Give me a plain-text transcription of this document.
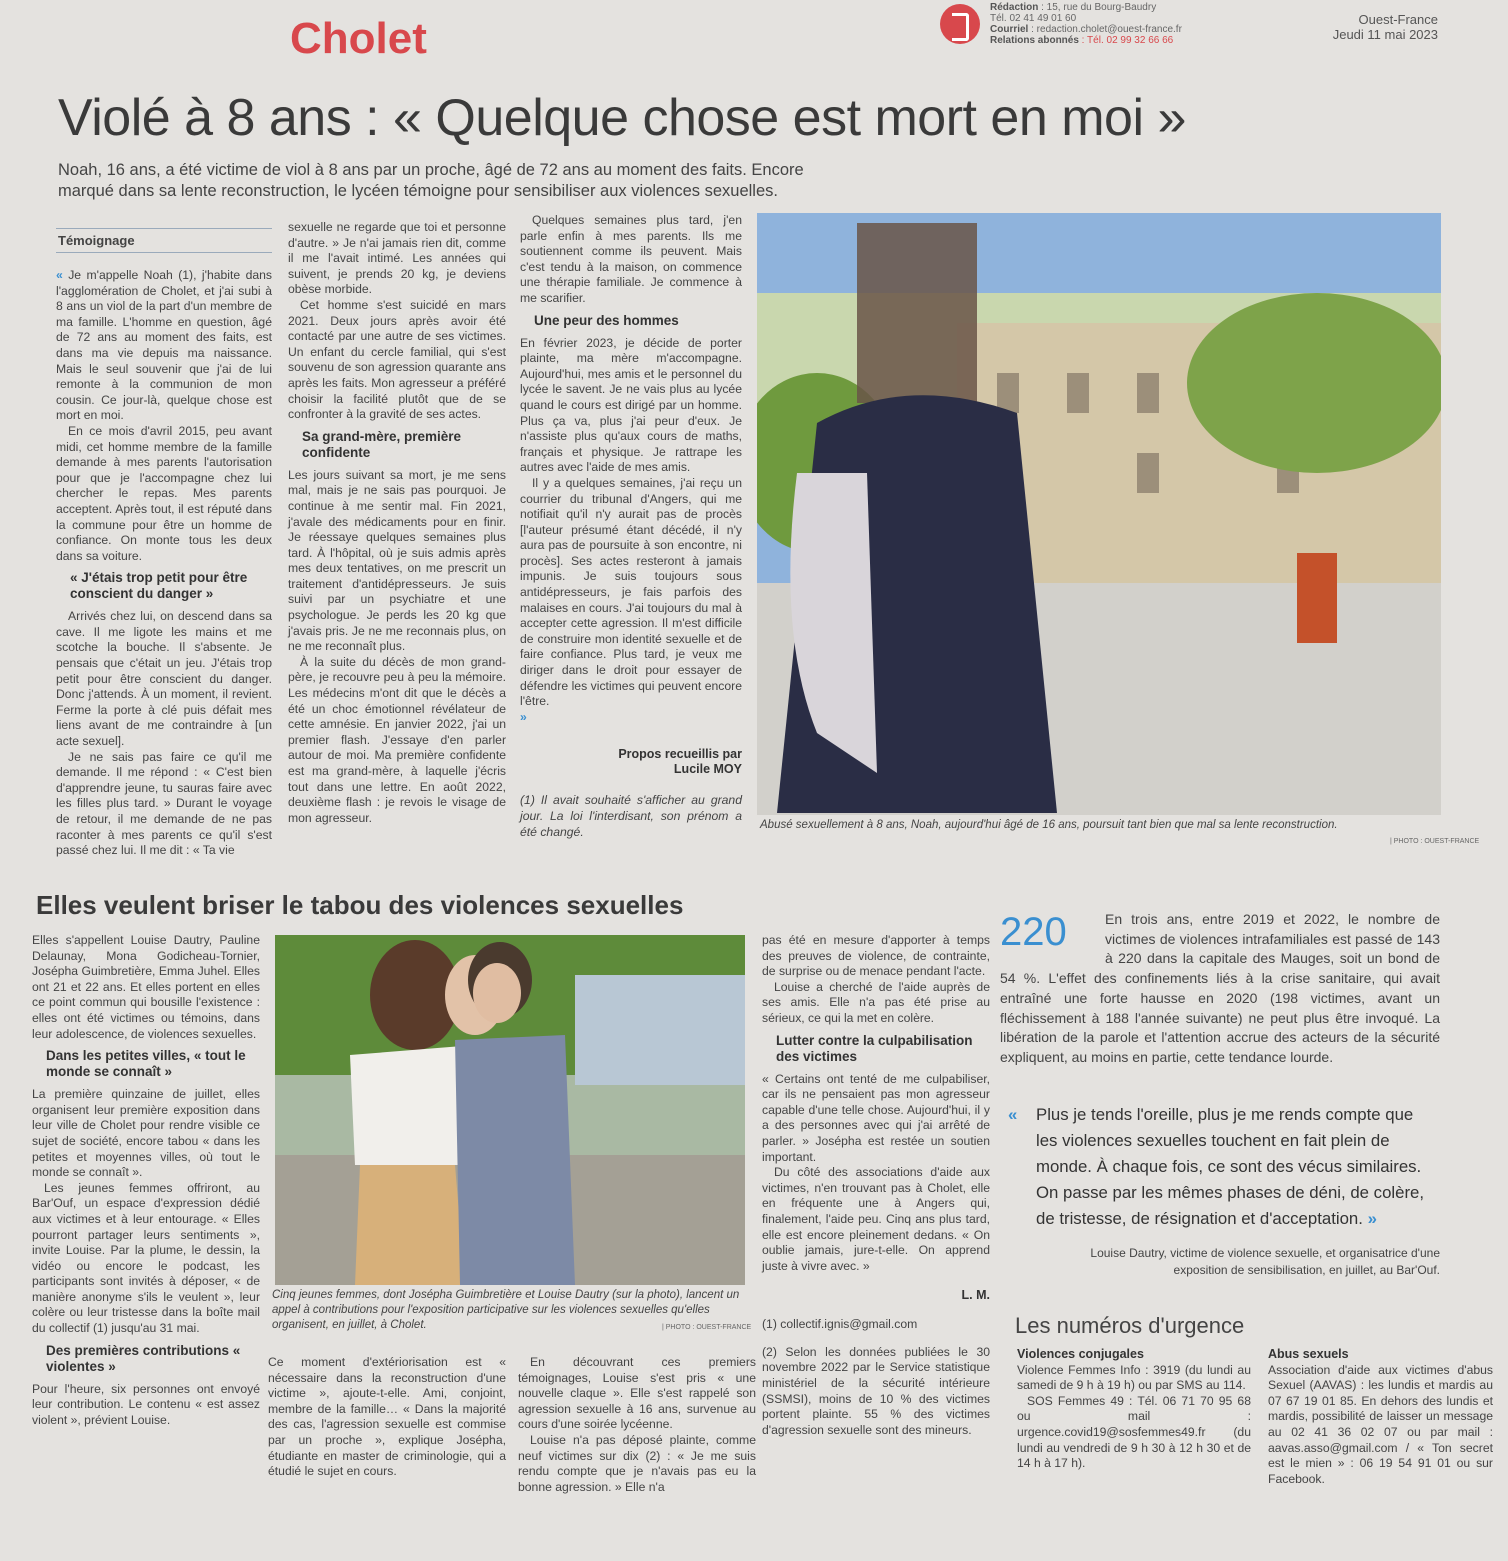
Cholet
Rédaction : 15, rue du Bourg-Baudry
Tél. 02 41 49 01 60
Courriel : redaction.cholet@ouest-france.fr
Relations abonnés : Tél. 02 99 32 66 66
Ouest-France
Jeudi 11 mai 2023
Violé à 8 ans : « Quelque chose est mort en moi »
Noah, 16 ans, a été victime de viol à 8 ans par un proche, âgé de 72 ans au moment des faits. Encore marqué dans sa lente reconstruction, le lycéen témoigne pour sensibiliser aux violences sexuelles.
Témoignage
« Je m'appelle Noah (1), j'habite dans l'agglomération de Cholet, et j'ai subi à 8 ans un viol de la part d'un membre de ma famille. L'homme en question, âgé de 72 ans au moment des faits, est dans ma vie depuis ma naissance. Mais le seul souvenir que j'ai de lui remonte à la communion de mon cousin. Ce jour-là, quelque chose est mort en moi.

En ce mois d'avril 2015, peu avant midi, cet homme membre de la famille demande à mes parents l'autorisation pour que je l'accompagne chez lui chercher le repas. Mes parents acceptent. Après tout, il est réputé dans la commune pour être un homme de confiance. On monte tous les deux dans sa voiture.

« J'étais trop petit pour être conscient du danger »

Arrivés chez lui, on descend dans sa cave. Il me ligote les mains et me scotche la bouche. Il s'absente. Je pensais que c'était un jeu. J'étais trop petit pour être conscient du danger. Donc j'attends. À un moment, il revient. Ferme la porte à clé puis défait mes liens avant de me contraindre à [un acte sexuel].

Je ne sais pas faire ce qu'il me demande. Il me répond : « C'est bien d'apprendre jeune, tu sauras faire avec les filles plus tard. » Durant le voyage de retour, il me demande de ne pas raconter à mes parents ce qu'il s'est passé chez lui. Il me dit : « Ta vie

sexuelle ne regarde que toi et personne d'autre. » Je n'ai jamais rien dit, comme il me l'avait intimé. Les années qui suivent, je prends 20 kg, je deviens obèse morbide.

Cet homme s'est suicidé en mars 2021. Deux jours après avoir été contacté par une autre de ses victimes. Un enfant du cercle familial, qui s'est souvenu de son agression quarante ans après les faits. Mon agresseur a préféré choisir la facilité plutôt que de se confronter à la gravité de ses actes.

Sa grand-mère, première confidente

Les jours suivant sa mort, je me sens mal, mais je ne sais pas pourquoi. Je continue à me sentir mal. Fin 2021, j'avale des médicaments pour en finir. Je réessaye quelques semaines plus tard. À l'hôpital, où je suis admis après mes deux tentatives, on me prescrit un traitement d'antidépresseurs. Je suis suivi par un psychiatre et une psychologue. Je perds les 20 kg que j'avais pris. Je ne me reconnais plus, on ne me reconnaît plus.

À la suite du décès de mon grand-père, je recouvre peu à peu la mémoire. Les médecins m'ont dit que le décès a été un choc émotionnel révélateur de cette amnésie. En janvier 2022, j'ai un premier flash. J'essaye d'en parler autour de moi. Ma première confidente est ma grand-mère, à laquelle j'écris tout dans une lettre. En août 2022, deuxième flash : je revois le visage de mon agresseur.

Quelques semaines plus tard, j'en parle enfin à mes parents. Ils me soutiennent comme ils peuvent. Mais c'est tendu à la maison, on commence une thérapie familiale. Je commence à me scarifier.

Une peur des hommes

En février 2023, je décide de porter plainte, ma mère m'accompagne. Aujourd'hui, mes amis et le personnel du lycée le savent. Je ne vais plus au lycée quand le cours est dirigé par un homme. Plus ça va, plus j'ai peur d'eux. Je n'assiste plus qu'aux cours de maths, français et physique. Je rattrape les autres avec l'aide de mes amis.

Il y a quelques semaines, j'ai reçu un courrier du tribunal d'Angers, qui me notifiait qu'il n'y aurait pas de procès [l'auteur présumé étant décédé, il n'y aura pas de poursuite à son encontre, ni procès]. Ses actes resteront à jamais impunis. Je suis toujours sous antidépresseurs, je fais parfois des malaises en cours. J'ai toujours du mal à accepter cette agression. Il m'est difficile de construire mon identité sexuelle et de faire confiance. Plus tard, je veux me diriger dans le droit pour essayer de défendre les victimes qui peuvent encore l'être.

»
Propos recueillis par
Lucile MOY
(1) Il avait souhaité s'afficher au grand jour. La loi l'interdisant, son prénom a été changé.	Abusé sexuellement à 8 ans, Noah, aujourd'hui âgé de 16 ans, poursuit tant bien que mal sa lente reconstruction.
| PHOTO : OUEST-FRANCE
Elles veulent briser le tabou des violences sexuelles

Elles s'appellent Louise Dautry, Pauline Delaunay, Mona Godicheau-Tornier, Josépha Guimbretière, Emma Juhel. Elles ont 21 et 22 ans. Et elles portent en elles ce point commun qui bousille l'existence : elles ont été victimes ou témoins, dans leur adolescence, de violences sexuelles.

Dans les petites villes, « tout le monde se connaît »

La première quinzaine de juillet, elles organisent leur première exposition dans leur ville de Cholet pour rendre visible ce sujet de société, encore tabou « dans les petites et moyennes villes, où tout le monde se connaît ».

Les jeunes femmes offriront, au Bar'Ouf, un espace d'expression dédié aux victimes et à leur entourage. « Elles pourront partager leurs sentiments », invite Louise. Par la plume, le dessin, la vidéo ou encore le podcast, les participants sont invités à déposer, « de manière anonyme s'ils le veulent », leur colère ou leur tristesse dans la boîte mail du collectif (1) jusqu'au 31 mai.

Des premières contributions « violentes »

Pour l'heure, six personnes ont envoyé leur contribution. Le contenu « est assez violent », prévient Louise.

Cinq jeunes femmes, dont Josépha Guimbretière et Louise Dautry (sur la photo), lancent un appel à contributions pour l'exposition participative sur les violences sexuelles qu'elles organisent, en juillet, à Cholet.	| PHOTO : OUEST-FRANCE

Ce moment d'extériorisation est « nécessaire dans la reconstruction d'une victime », ajoute-t-elle. Ami, conjoint, membre de la famille… « Dans la majorité des cas, l'agression sexuelle est commise par un proche », explique Josépha, étudiante en master de criminologie, qui a étudié le sujet en cours.

En découvrant ces premiers témoignages, Louise s'est pris « une nouvelle claque ». Elle s'est rappelé son agression sexuelle à 16 ans, survenue au cours d'une soirée lycéenne.

Louise n'a pas déposé plainte, comme neuf victimes sur dix (2) : « Je me suis rendu compte que je n'avais pas eu la bonne agression. » Elle n'a

pas été en mesure d'apporter à temps des preuves de violence, de contrainte, de surprise ou de menace pendant l'acte.

Louise a cherché de l'aide auprès de ses amis. Elle n'a pas été prise au sérieux, ce qui la met en colère.

Lutter contre la culpabilisation des victimes

« Certains ont tenté de me culpabiliser, car ils ne pensaient pas mon agresseur capable d'une telle chose. Aujourd'hui, il y a des personnes avec qui j'ai arrêté de parler. » Josépha est restée un soutien important.

Du côté des associations d'aide aux victimes, n'en trouvant pas à Cholet, elle en fréquente une à Angers qui, finalement, l'aide peu. Cinq ans plus tard, elle est encore pleinement dedans. « On oublie jamais, jure-t-elle. On apprend juste à vivre avec. »

L. M.
(1) collectif.ignis@gmail.com
(2) Selon les données publiées le 30 novembre 2022 par le Service statistique ministériel de la sécurité intérieure (SSMSI), moins de 10 % des victimes portent plainte. 55 % des victimes d'agression sexuelle sont des mineurs.
220	En trois ans, entre 2019 et 2022, le nombre de victimes de violences intrafamiliales est passé de 143 à 220 dans la capitale des Mauges, soit un bond de 54 %. L'effet des confinements liés à la crise sanitaire, qui avait entraîné une forte hausse en 2020 (198 victimes, avant un fléchissement à 188 l'année suivante) ne peut plus être invoqué. La libération de la parole et l'attention accrue des acteurs de la sécurité expliquent, au moins en partie, cette tendance lourde.
«	Plus je tends l'oreille, plus je me rends compte que les violences sexuelles touchent en fait plein de monde. À chaque fois, ce sont des vécus similaires. On passe par les mêmes phases de déni, de colère, de tristesse, de résignation et d'acceptation. »
Louise Dautry, victime de violence sexuelle, et organisatrice d'une exposition de sensibilisation, en juillet, au Bar'Ouf.
Les numéros d'urgence
Violences conjugales

Violence Femmes Info : 3919 (du lundi au samedi de 9 h à 19 h) ou par SMS au 114.

SOS Femmes 49 : Tél. 06 71 70 95 68 ou mail : urgence.covid19@sosfemmes49.fr (du lundi au vendredi de 9 h 30 à 12 h 30 et de 14 h à 17 h).

Abus sexuels

Association d'aide aux victimes d'abus Sexuel (AAVAS) : les lundis et mardis au 07 67 19 01 85. En dehors des lundis et mardis, possibilité de laisser un message au 02 41 36 02 07 ou par mail : aavas.asso@gmail.com / « Ton secret est le mien » : 06 19 54 91 01 ou sur Facebook.
